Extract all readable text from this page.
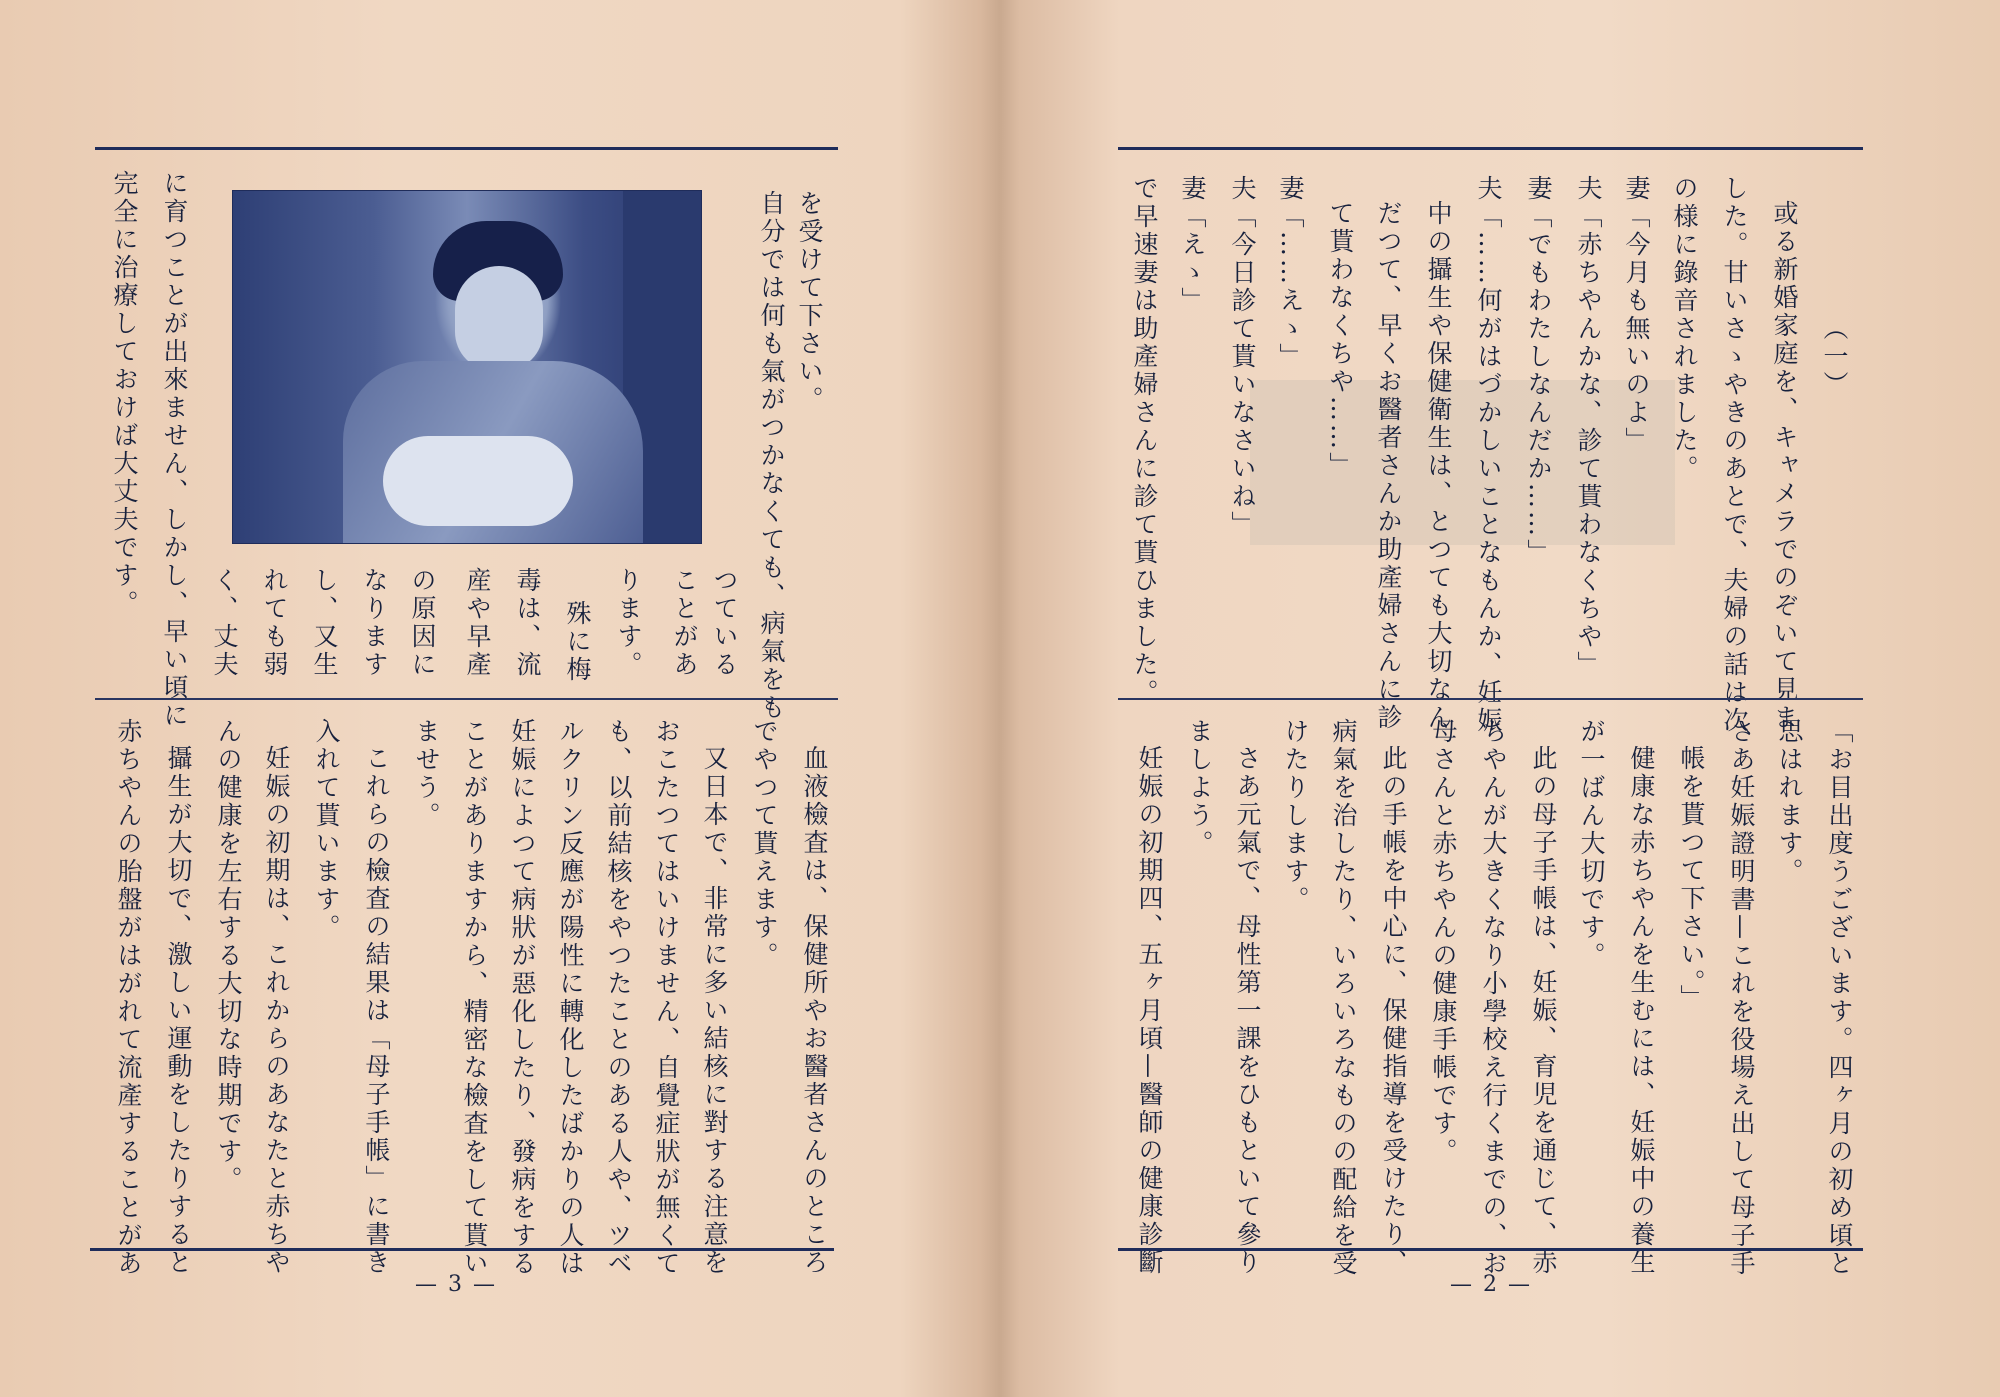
を受けて下さい。
自分では何も氣がつかなくても、病氣をも
つている
ことがあ
ります。
殊に梅
毒は、流
産や早產
の原因に
なります
し、又生
れても弱
く、丈夫
に育つことが出來ません、しかし、早い頃に
完全に治療しておけば大丈夫です。
血液檢査は、保健所やお醫者さんのところ
でやつて貰えます。
又日本で、非常に多い結核に對する注意を
おこたつてはいけません、自覺症狀が無くて
も、以前結核をやつたことのある人や、ツベ
ルクリン反應が陽性に轉化したばかりの人は
妊娠によつて病狀が惡化したり、發病をする
ことがありますから、精密な檢査をして貰い
ませう。
これらの檢査の結果は「母子手帳」に書き
入れて貰います。
妊娠の初期は、これからのあなたと赤ちや
んの健康を左右する大切な時期です。
攝生が大切で、激しい運動をしたりすると
赤ちやんの胎盤がはがれて流產することがあ
— 3 —
（一）
或る新婚家庭を、キャメラでのぞいて見ま
した。甘いさゝやきのあとで、夫婦の話は次
の様に錄音されました。
妻「今月も無いのよ」
夫「赤ちやんかな、診て貰わなくちや」
妻「でもわたしなんだか……」
夫「……何がはづかしいことなもんか、妊娠
中の攝生や保健衛生は、とつても大切なん
だつて、早くお醫者さんか助產婦さんに診
て貰わなくちや……」
妻「……えゝ」
夫「今日診て貰いなさいね」
妻「えゝ」
で早速妻は助產婦さんに診て貰ひました。
「お目出度うございます。四ヶ月の初め頃と
思はれます。
さあ妊娠證明書—これを役場え出して母子手
帳を貰つて下さい。」
健康な赤ちやんを生むには、妊娠中の養生
が一ばん大切です。
此の母子手帳は、妊娠、育児を通じて、赤
ちやんが大きくなり小學校え行くまでの、お
母さんと赤ちやんの健康手帳です。
此の手帳を中心に、保健指導を受けたり、
病氣を治したり、いろいろなものの配給を受
けたりします。
さあ元氣で、母性第一課をひもといて參り
ましよう。
妊娠の初期四、五ヶ月頃—醫師の健康診斷
— 2 —
